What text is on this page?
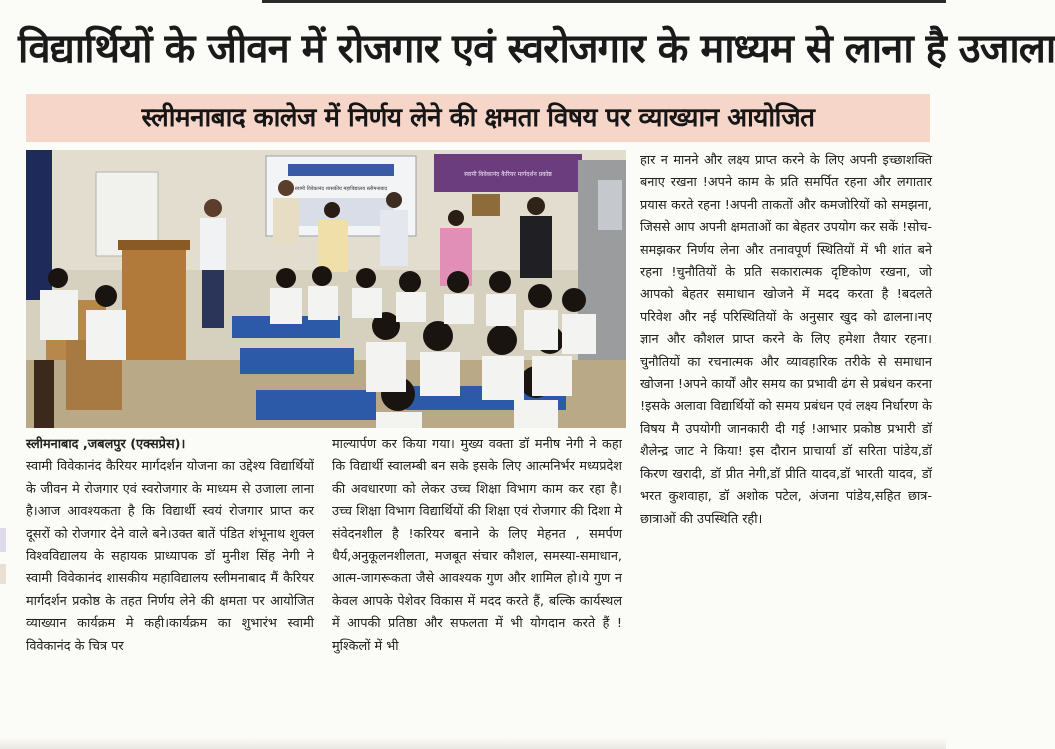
विद्यार्थियों के जीवन में रोजगार एवं स्वरोजगार के माध्यम से लाना है उजाला
स्लीमनाबाद कालेज में निर्णय लेने की क्षमता विषय पर व्याख्यान आयोजित
स्वामी विवेकानंद शासकीय महाविद्यालय स्लीमनाबाद
स्वामी विवेकानंद कैरियर मार्गदर्शन प्रकोष्ठ

स्लीमनाबाद ,जबलपुर (एक्सप्रेस)।

स्वामी विवेकानंद कैरियर मार्गदर्शन योजना का उद्देश्य विद्यार्थियों के जीवन मे रोजगार एवं स्वरोजगार के माध्यम से उजाला लाना है।आज आवश्यकता है कि विद्यार्थी स्वयं रोजगार प्राप्त कर दूसरों को रोजगार देने वाले बने।उक्त बातें पंडित शंभूनाथ शुक्ल विश्वविद्यालय के सहायक प्राध्यापक डॉ मुनीश सिंह नेगी ने स्वामी विवेकानंद शासकीय महाविद्यालय स्लीमनाबाद मैं कैरियर मार्गदर्शन प्रकोष्ठ के तहत निर्णय लेने की क्षमता पर आयोजित व्याख्यान कार्यक्रम मे कही।कार्यक्रम का शुभारंभ स्वामी विवेकानंद के चित्र पर

माल्यार्पण कर किया गया। मुख्य वक्ता डॉ मनीष नेगी ने कहा कि विद्यार्थी स्वालम्बी बन सके इसके लिए आत्मनिर्भर मध्यप्रदेश की अवधारणा को लेकर उच्च शिक्षा विभाग काम कर रहा है।उच्च शिक्षा विभाग विद्यार्थियों की शिक्षा एवं रोजगार की दिशा मे संवेदनशील है !करियर बनाने के लिए मेहनत , समर्पण धैर्य,अनुकूलनशीलता, मजबूत संचार कौशल, समस्या-समाधान, आत्म-जागरूकता जैसे आवश्यक गुण और शामिल हो।ये गुण न केवल आपके पेशेवर विकास में मदद करते हैं, बल्कि कार्यस्थल में आपकी प्रतिष्ठा और सफलता में भी योगदान करते हैं !मुश्किलों में भी

हार न मानने और लक्ष्य प्राप्त करने के लिए अपनी इच्छाशक्ति बनाए रखना !अपने काम के प्रति समर्पित रहना और लगातार प्रयास करते रहना !अपनी ताकतों और कमजोरियों को समझना, जिससे आप अपनी क्षमताओं का बेहतर उपयोग कर सकें !सोच-समझकर निर्णय लेना और तनावपूर्ण स्थितियों में भी शांत बने रहना !चुनौतियों के प्रति सकारात्मक दृष्टिकोण रखना, जो आपको बेहतर समाधान खोजने में मदद करता है !बदलते परिवेश और नई परिस्थितियों के अनुसार खुद को ढालना।नए ज्ञान और कौशल प्राप्त करने के लिए हमेशा तैयार रहना।चुनौतियों का रचनात्मक और व्यावहारिक तरीके से समाधान खोजना !अपने कार्यों और समय का प्रभावी ढंग से प्रबंधन करना !इसके अलावा विद्यार्थियों को समय प्रबंधन एवं लक्ष्य निर्धारण के विषय मै उपयोगी जानकारी दी गई !आभार प्रकोष्ठ प्रभारी डॉ शैलेन्द्र जाट ने किया! इस दौरान प्राचार्या डॉ सरिता पांडेय,डॉ किरण खरादी, डॉ प्रीत नेगी,डॉ प्रीति यादव,डॉ भारती यादव, डॉ भरत कुशवाहा, डॉ अशोक पटेल, अंजना पांडेय,सहित छात्र-छात्राओं की उपस्थिति रही।
